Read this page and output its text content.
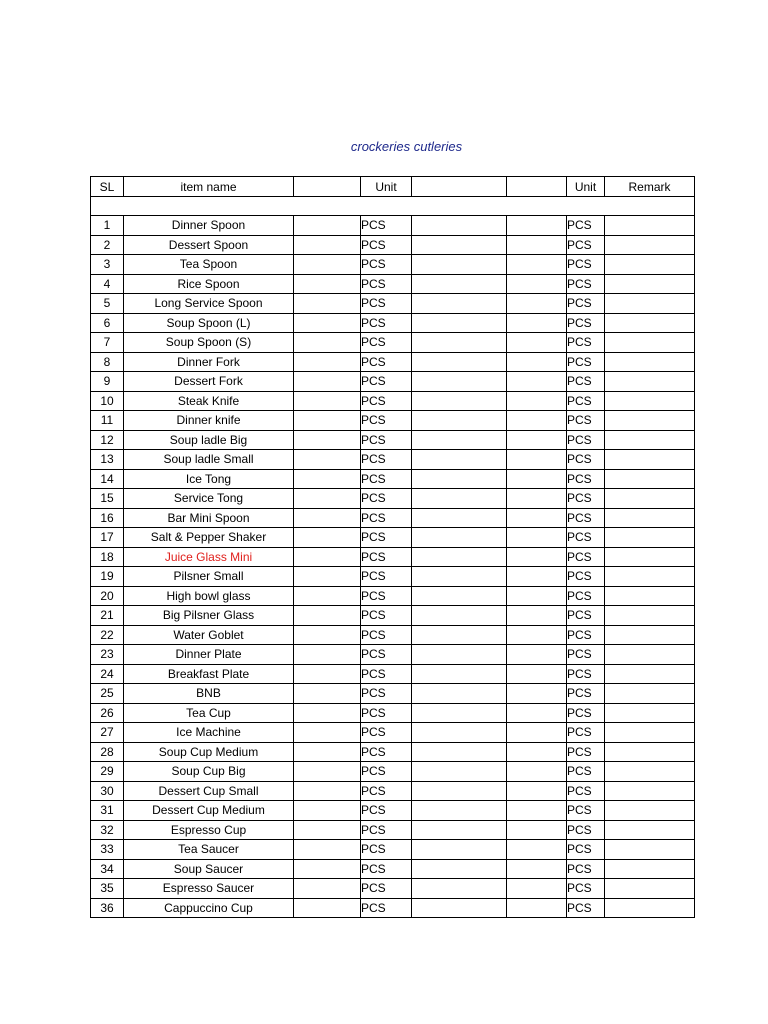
crockeries cutleries
SL	item name		Unit			Unit	Remark

1	Dinner Spoon		PCS			PCS	
2	Dessert Spoon		PCS			PCS	
3	Tea Spoon		PCS			PCS	
4	Rice Spoon		PCS			PCS	
5	Long Service Spoon		PCS			PCS	
6	Soup Spoon (L)		PCS			PCS	
7	Soup Spoon (S)		PCS			PCS	
8	Dinner Fork		PCS			PCS	
9	Dessert Fork		PCS			PCS	
10	Steak Knife		PCS			PCS	
11	Dinner knife		PCS			PCS	
12	Soup ladle Big		PCS			PCS	
13	Soup ladle Small		PCS			PCS	
14	Ice Tong		PCS			PCS	
15	Service Tong		PCS			PCS	
16	Bar Mini Spoon		PCS			PCS	
17	Salt & Pepper Shaker		PCS			PCS	
18	Juice Glass Mini		PCS			PCS	
19	Pilsner Small		PCS			PCS	
20	High bowl glass		PCS			PCS	
21	Big Pilsner Glass		PCS			PCS	
22	Water Goblet		PCS			PCS	
23	Dinner Plate		PCS			PCS	
24	Breakfast Plate		PCS			PCS	
25	BNB		PCS			PCS	
26	Tea Cup		PCS			PCS	
27	Ice Machine		PCS			PCS	
28	Soup Cup Medium		PCS			PCS	
29	Soup Cup Big		PCS			PCS	
30	Dessert Cup Small		PCS			PCS	
31	Dessert Cup Medium		PCS			PCS	
32	Espresso Cup		PCS			PCS	
33	Tea Saucer		PCS			PCS	
34	Soup Saucer		PCS			PCS	
35	Espresso Saucer		PCS			PCS	
36	Cappuccino Cup		PCS			PCS	
